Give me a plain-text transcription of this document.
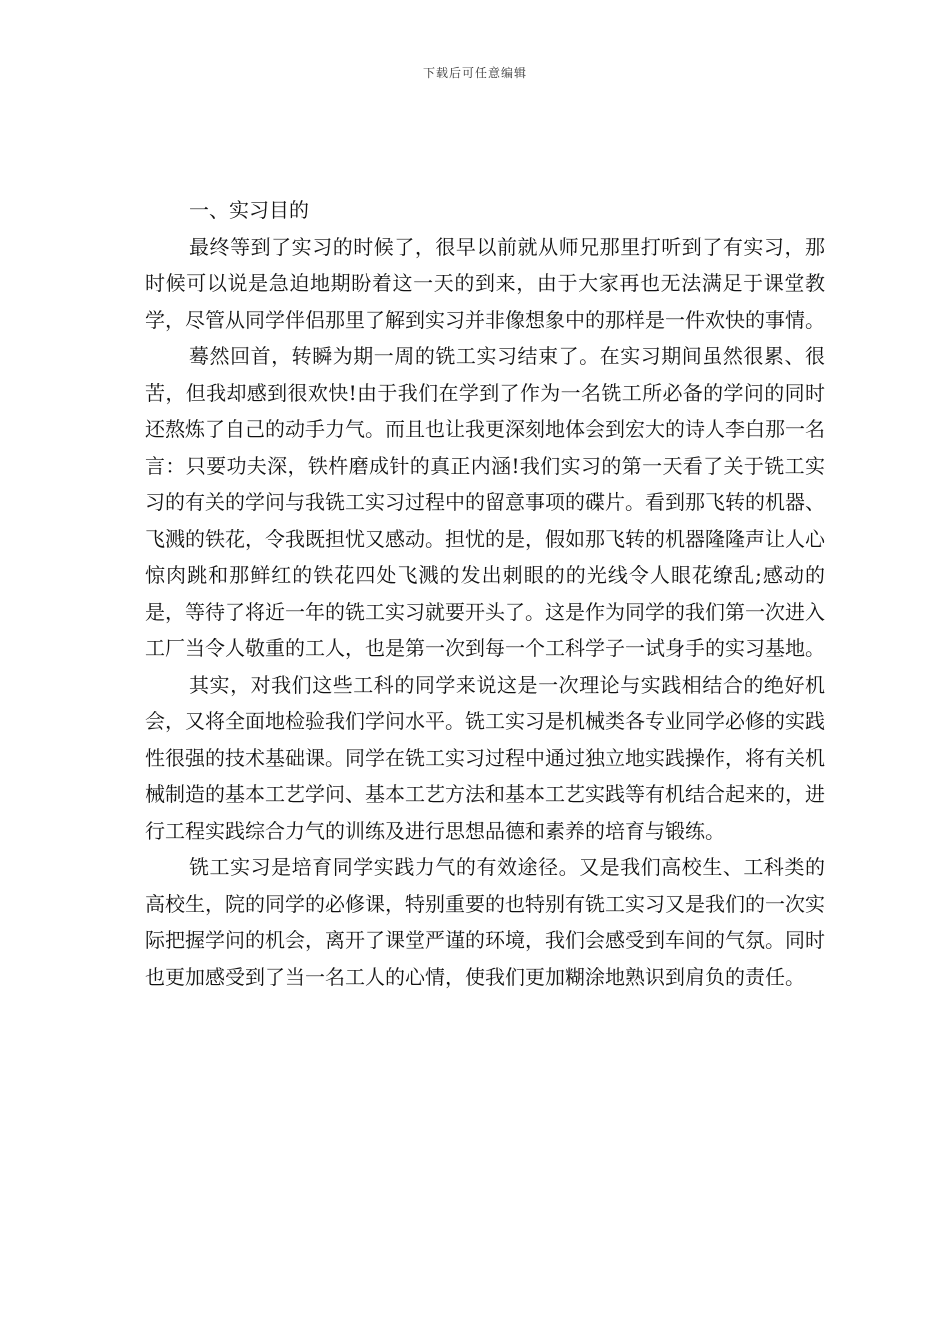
下载后可任意编辑

一、实习目的

最终等到了实习的时候了，很早以前就从师兄那里打听到了有实习，那时候可以说是急迫地期盼着这一天的到来，由于大家再也无法满足于课堂教学，尽管从同学伴侣那里了解到实习并非像想象中的那样是一件欢快的事情。

蓦然回首，转瞬为期一周的铣工实习结束了。在实习期间虽然很累、很苦，但我却感到很欢快!由于我们在学到了作为一名铣工所必备的学问的同时还熬炼了自己的动手力气。而且也让我更深刻地体会到宏大的诗人李白那一名言：只要功夫深，铁杵磨成针的真正内涵!我们实习的第一天看了关于铣工实习的有关的学问与我铣工实习过程中的留意事项的碟片。看到那飞转的机器、飞溅的铁花，令我既担忧又感动。担忧的是，假如那飞转的机器隆隆声让人心惊肉跳和那鲜红的铁花四处飞溅的发出刺眼的的光线令人眼花缭乱;感动的是，等待了将近一年的铣工实习就要开头了。这是作为同学的我们第一次进入工厂当令人敬重的工人，也是第一次到每一个工科学子一试身手的实习基地。

其实，对我们这些工科的同学来说这是一次理论与实践相结合的绝好机会，又将全面地检验我们学问水平。铣工实习是机械类各专业同学必修的实践性很强的技术基础课。同学在铣工实习过程中通过独立地实践操作，将有关机械制造的基本工艺学问、基本工艺方法和基本工艺实践等有机结合起来的，进行工程实践综合力气的训练及进行思想品德和素养的培育与锻练。

铣工实习是培育同学实践力气的有效途径。又是我们高校生、工科类的高校生，院的同学的必修课，特别重要的也特别有铣工实习又是我们的一次实际把握学问的机会，离开了课堂严谨的环境，我们会感受到车间的气氛。同时也更加感受到了当一名工人的心情，使我们更加糊涂地熟识到肩负的责任。
